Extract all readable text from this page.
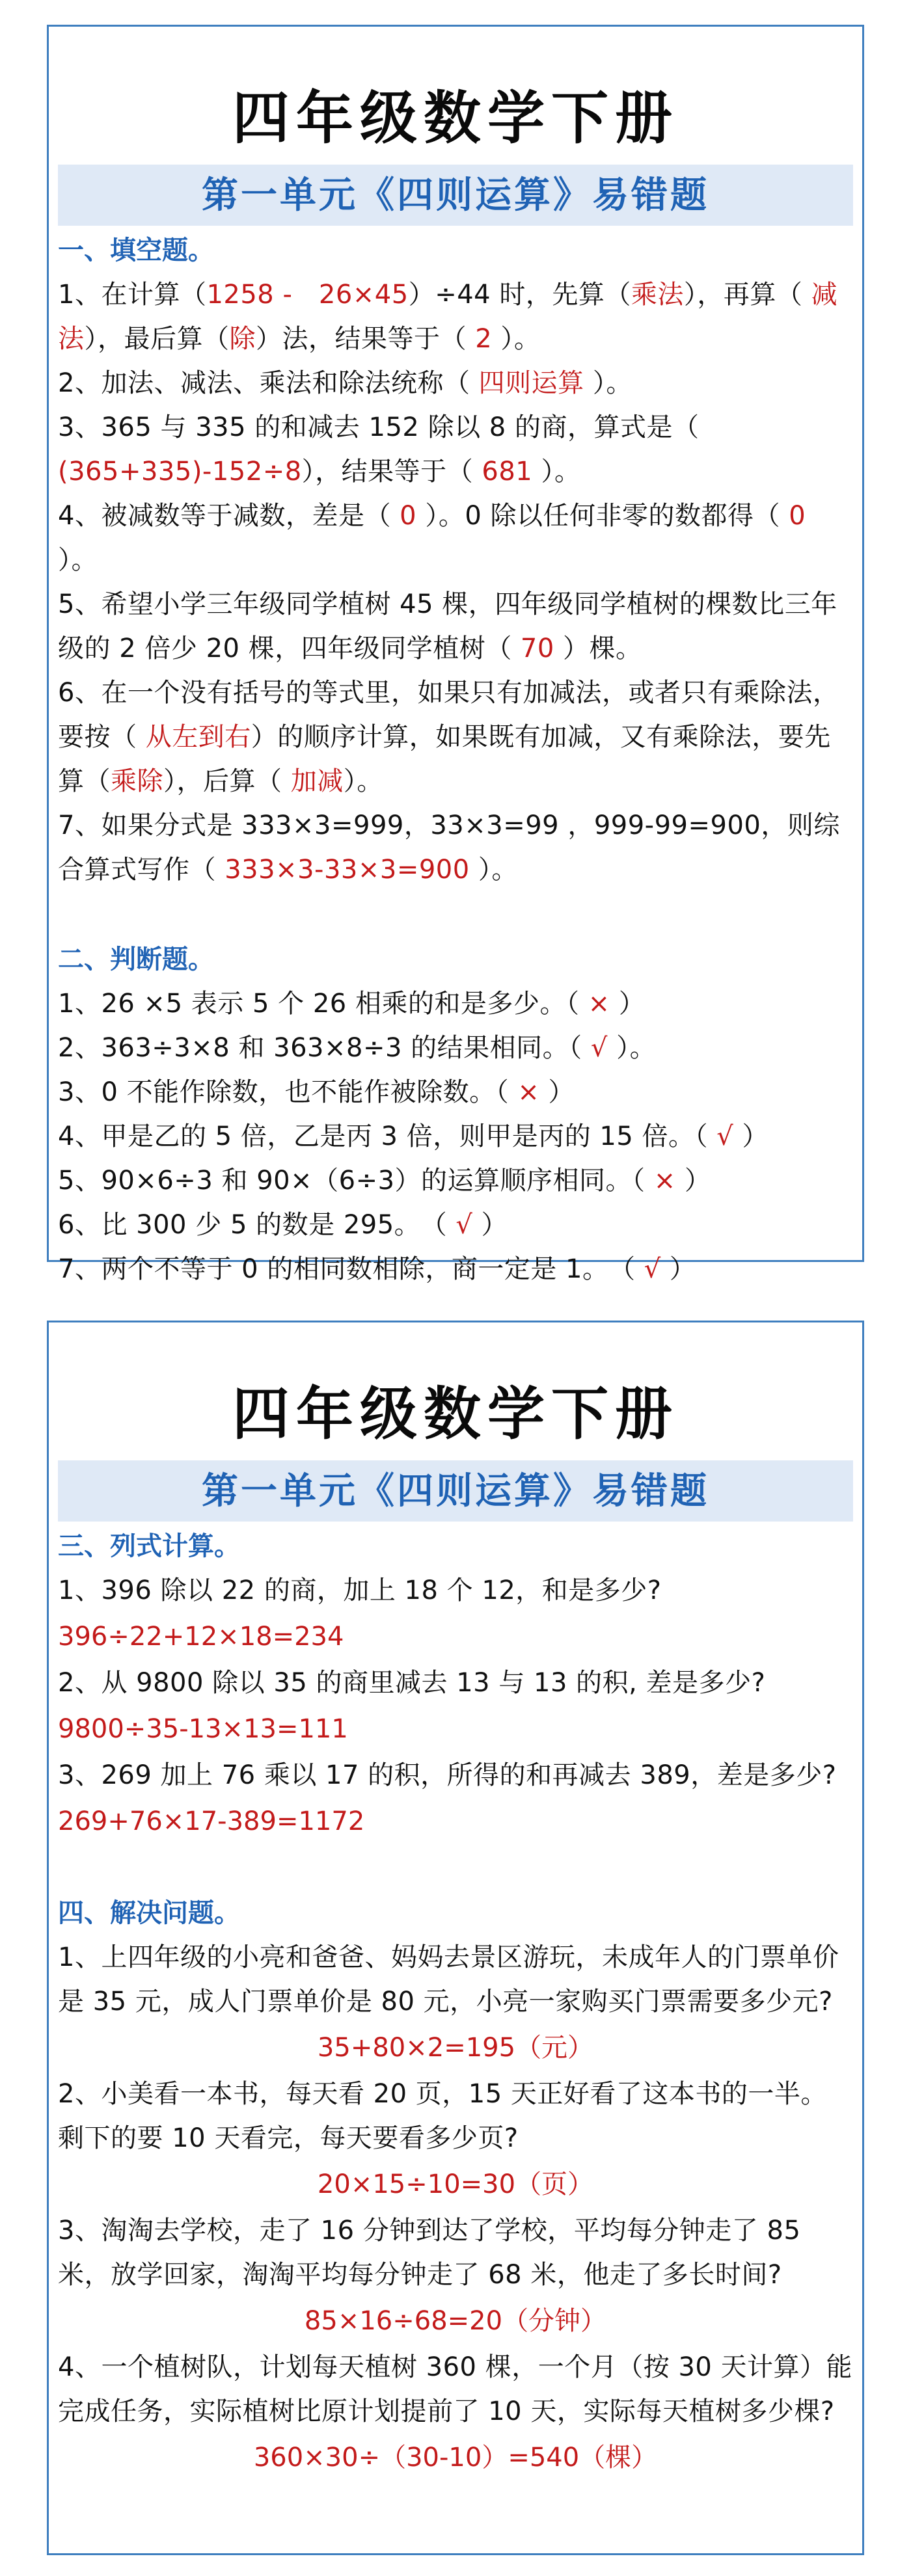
四年级数学下册
第一单元《四则运算》易错题
一、填空题。
1、在计算（1258 -　26×45）÷44 时，先算（乘法），再算（ 减法），最后算（除）法，结果等于（ 2 ）。
2、加法、减法、乘法和除法统称（ 四则运算 ）。
3、365 与 335 的和减去 152 除以 8 的商，算式是（　(365+335)-152÷8），结果等于（ 681 ）。
4、被减数等于减数，差是（ 0 ）。0 除以任何非零的数都得（ 0 ）。
5、希望小学三年级同学植树 45 棵，四年级同学植树的棵数比三年级的 2 倍少 20 棵，四年级同学植树（ 70 ）棵。
6、在一个没有括号的等式里，如果只有加减法，或者只有乘除法，要按（ 从左到右）的顺序计算，如果既有加减，又有乘除法，要先算（乘除），后算（ 加减）。
7、如果分式是 333×3=999，33×3=99 ，999-99=900，则综合算式写作（ 333×3-33×3=900 ）。
二、判断题。
1、26 ×5 表示 5 个 26 相乘的和是多少。（ × ）
2、363÷3×8 和 363×8÷3 的结果相同。（ √ ）。
3、0 不能作除数，也不能作被除数。（ × ）
4、甲是乙的 5 倍，乙是丙 3 倍，则甲是丙的 15 倍。（ √ ）
5、90×6÷3 和 90×（6÷3）的运算顺序相同。（ × ）
6、比 300 少 5 的数是 295。　（ √ ）
7、两个不等于 0 的相同数相除，商一定是 1。　（ √ ）
四年级数学下册
第一单元《四则运算》易错题
三、列式计算。
1、396 除以 22 的商，加上 18 个 12，和是多少?
396÷22+12×18=234
2、从 9800 除以 35 的商里减去 13 与 13 的积, 差是多少?
9800÷35-13×13=111
3、269 加上 76 乘以 17 的积，所得的和再减去 389，差是多少?
269+76×17-389=1172
四、解决问题。
1、上四年级的小亮和爸爸、妈妈去景区游玩，未成年人的门票单价是 35 元，成人门票单价是 80 元，小亮一家购买门票需要多少元?
35+80×2=195（元）
2、小美看一本书，每天看 20 页，15 天正好看了这本书的一半。剩下的要 10 天看完，每天要看多少页?
20×15÷10=30（页）
3、淘淘去学校，走了 16 分钟到达了学校，平均每分钟走了 85 米，放学回家，淘淘平均每分钟走了 68 米，他走了多长时间?
85×16÷68=20（分钟）
4、一个植树队，计划每天植树 360 棵，一个月（按 30 天计算）能完成任务，实际植树比原计划提前了 10 天，实际每天植树多少棵?
360×30÷（30-10）=540（棵）
